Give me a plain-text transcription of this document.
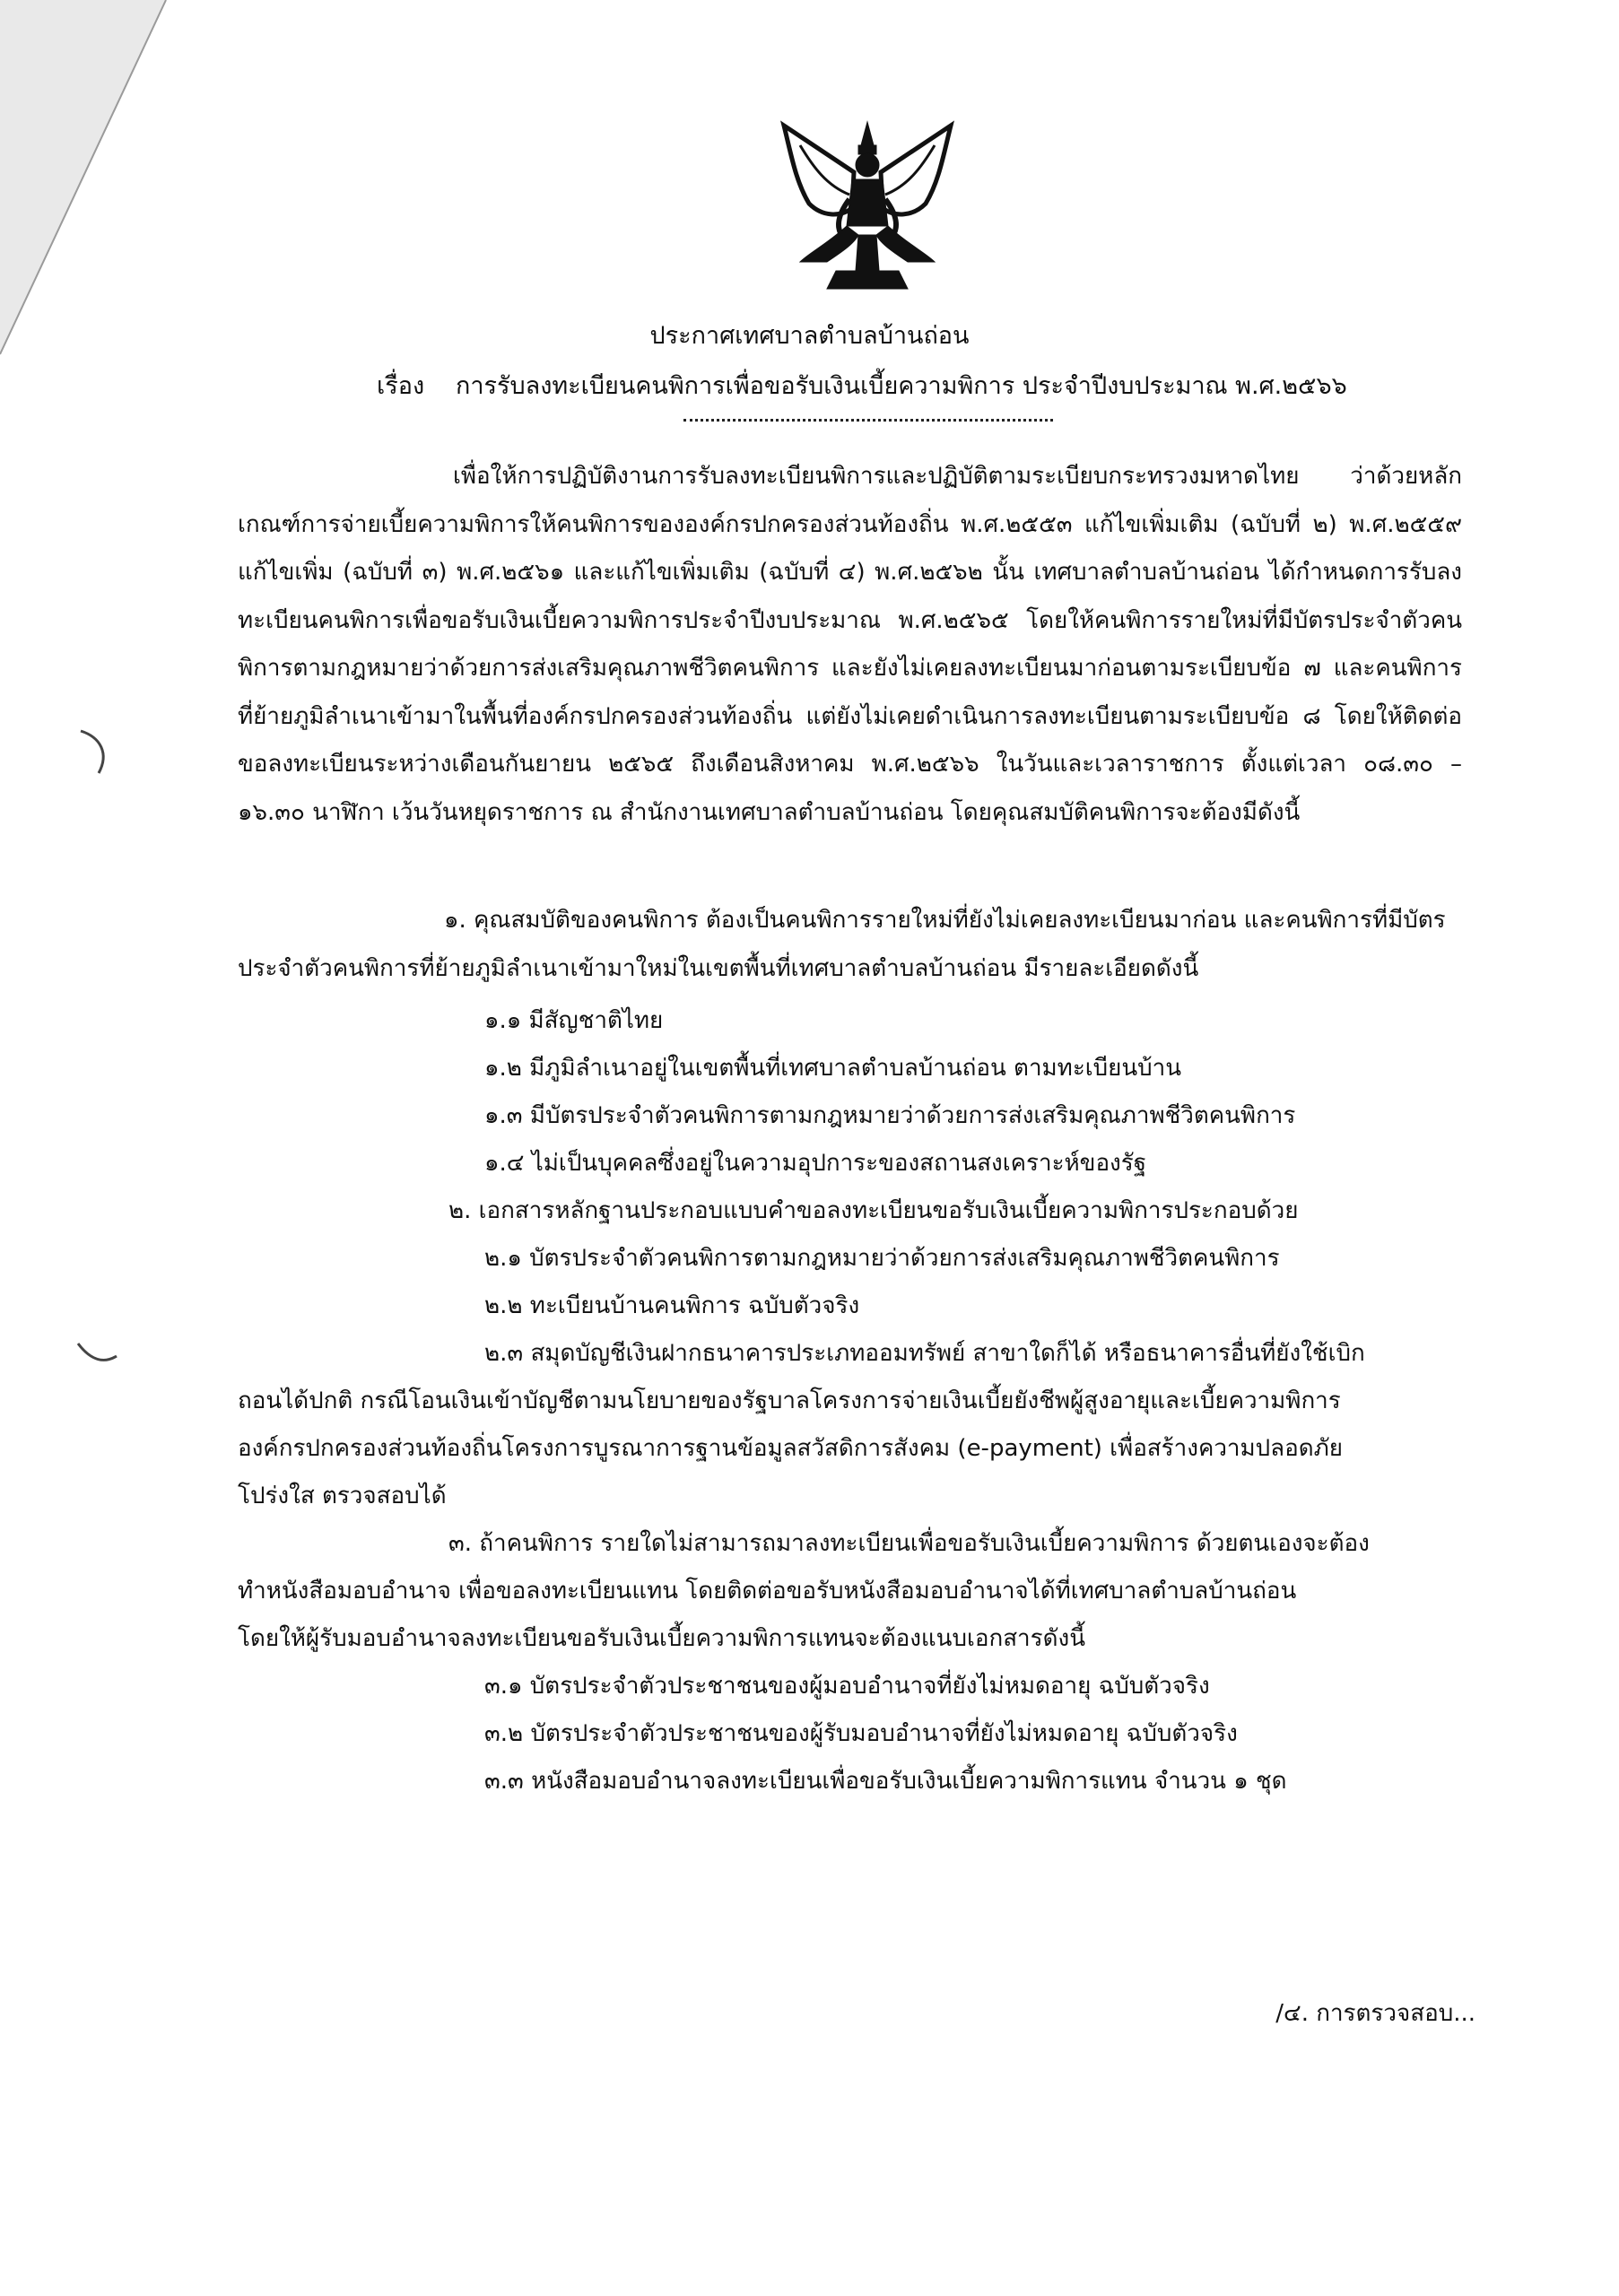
ประกาศเทศบาลตำบลบ้านถ่อน
เรื่อง การรับลงทะเบียนคนพิการเพื่อขอรับเงินเบี้ยความพิการ ประจำปีงบประมาณ พ.ศ.๒๕๖๖

เพื่อให้การปฏิบัติงานการรับลงทะเบียนพิการและปฏิบัติตามระเบียบกระทรวงมหาดไทย ว่าด้วยหลักเกณฑ์การจ่ายเบี้ยความพิการให้คนพิการขององค์กรปกครองส่วนท้องถิ่น พ.ศ.๒๕๕๓ แก้ไขเพิ่มเติม (ฉบับที่ ๒) พ.ศ.๒๕๕๙ แก้ไขเพิ่ม (ฉบับที่ ๓) พ.ศ.๒๕๖๑ และแก้ไขเพิ่มเติม (ฉบับที่ ๔) พ.ศ.๒๕๖๒ นั้น เทศบาลตำบลบ้านถ่อน ได้กำหนดการรับลงทะเบียนคนพิการเพื่อขอรับเงินเบี้ยความพิการประจำปีงบประมาณ พ.ศ.๒๕๖๕ โดยให้คนพิการรายใหม่ที่มีบัตรประจำตัวคนพิการตามกฎหมายว่าด้วยการส่งเสริมคุณภาพชีวิตคนพิการ และยังไม่เคยลงทะเบียนมาก่อนตามระเบียบข้อ ๗ และคนพิการที่ย้ายภูมิลำเนาเข้ามาในพื้นที่องค์กรปกครองส่วนท้องถิ่น แต่ยังไม่เคยดำเนินการลงทะเบียนตามระเบียบข้อ ๘ โดยให้ติดต่อขอลงทะเบียนระหว่างเดือนกันยายน ๒๕๖๕ ถึงเดือนสิงหาคม พ.ศ.๒๕๖๖ ในวันและเวลาราชการ ตั้งแต่เวลา ๐๘.๓๐ – ๑๖.๓๐ นาฬิกา เว้นวันหยุดราชการ ณ สำนักงานเทศบาลตำบลบ้านถ่อน โดยคุณสมบัติคนพิการจะต้องมีดังนี้

๑. คุณสมบัติของคนพิการ ต้องเป็นคนพิการรายใหม่ที่ยังไม่เคยลงทะเบียนมาก่อน และคนพิการที่มีบัตรประจำตัวคนพิการที่ย้ายภูมิลำเนาเข้ามาใหม่ในเขตพื้นที่เทศบาลตำบลบ้านถ่อน มีรายละเอียดดังนี้

๑.๑ มีสัญชาติไทย
๑.๒ มีภูมิลำเนาอยู่ในเขตพื้นที่เทศบาลตำบลบ้านถ่อน ตามทะเบียนบ้าน
๑.๓ มีบัตรประจำตัวคนพิการตามกฎหมายว่าด้วยการส่งเสริมคุณภาพชีวิตคนพิการ
๑.๔ ไม่เป็นบุคคลซึ่งอยู่ในความอุปการะของสถานสงเคราะห์ของรัฐ
๒. เอกสารหลักฐานประกอบแบบคำขอลงทะเบียนขอรับเงินเบี้ยความพิการประกอบด้วย
๒.๑ บัตรประจำตัวคนพิการตามกฎหมายว่าด้วยการส่งเสริมคุณภาพชีวิตคนพิการ
๒.๒ ทะเบียนบ้านคนพิการ ฉบับตัวจริง
๒.๓ สมุดบัญชีเงินฝากธนาคารประเภทออมทรัพย์ สาขาใดก็ได้ หรือธนาคารอื่นที่ยังใช้เบิก
ถอนได้ปกติ กรณีโอนเงินเข้าบัญชีตามนโยบายของรัฐบาลโครงการจ่ายเงินเบี้ยยังชีพผู้สูงอายุและเบี้ยความพิการ
องค์กรปกครองส่วนท้องถิ่นโครงการบูรณาการฐานข้อมูลสวัสดิการสังคม (e-payment) เพื่อสร้างความปลอดภัย
โปร่งใส ตรวจสอบได้
๓. ถ้าคนพิการ รายใดไม่สามารถมาลงทะเบียนเพื่อขอรับเงินเบี้ยความพิการ ด้วยตนเองจะต้อง
ทำหนังสือมอบอำนาจ เพื่อขอลงทะเบียนแทน โดยติดต่อขอรับหนังสือมอบอำนาจได้ที่เทศบาลตำบลบ้านถ่อน
โดยให้ผู้รับมอบอำนาจลงทะเบียนขอรับเงินเบี้ยความพิการแทนจะต้องแนบเอกสารดังนี้
๓.๑ บัตรประจำตัวประชาชนของผู้มอบอำนาจที่ยังไม่หมดอายุ ฉบับตัวจริง
๓.๒ บัตรประจำตัวประชาชนของผู้รับมอบอำนาจที่ยังไม่หมดอายุ ฉบับตัวจริง
๓.๓ หนังสือมอบอำนาจลงทะเบียนเพื่อขอรับเงินเบี้ยความพิการแทน จำนวน ๑ ชุด
/๔. การตรวจสอบ...
